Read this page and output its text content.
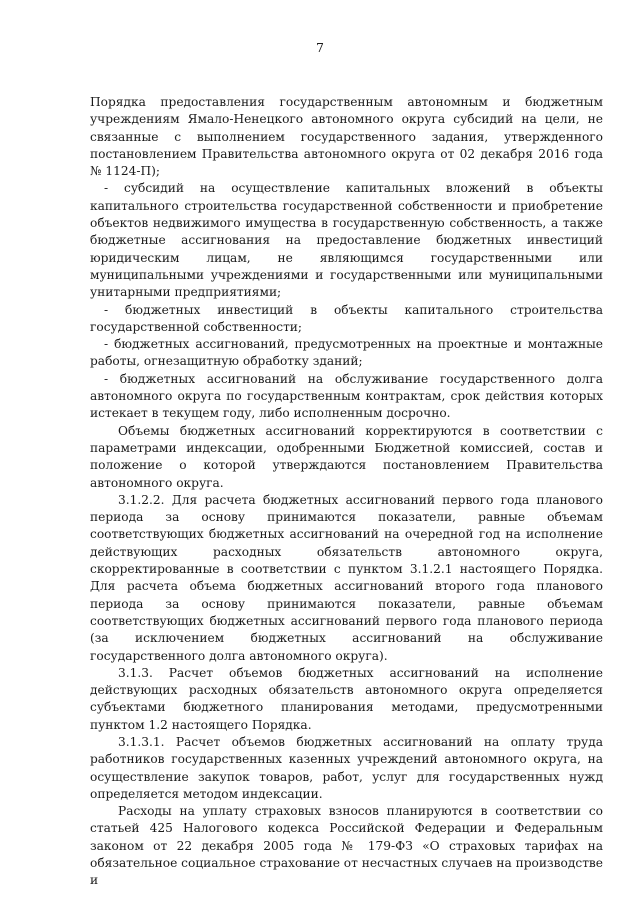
7

Порядка предоставления государственным автономным и бюджетным учреждениям Ямало-Ненецкого автономного округа субсидий на цели, не связанные с выполнением государственного задания, утвержденного постановлением Правительства автономного округа от 02 декабря 2016 года № 1124-П);

- субсидий на осуществление капитальных вложений в объекты капитального строительства государственной собственности и приобретение объектов недвижимого имущества в государственную собственность, а также бюджетные ассигнования на предоставление бюджетных инвестиций юридическим лицам, не являющимся государственными или муниципальными учреждениями и государственными или муниципальными унитарными предприятиями;

- бюджетных инвестиций в объекты капитального строительства государственной собственности;

- бюджетных ассигнований, предусмотренных на проектные и монтажные работы, огнезащитную обработку зданий;

- бюджетных ассигнований на обслуживание государственного долга автономного округа по государственным контрактам, срок действия которых истекает в текущем году, либо исполненным досрочно.

Объемы бюджетных ассигнований корректируются в соответствии с параметрами индексации, одобренными Бюджетной комиссией, состав и положение о которой утверждаются постановлением Правительства автономного округа.

3.1.2.2. Для расчета бюджетных ассигнований первого года планового периода за основу принимаются показатели, равные объемам соответствующих бюджетных ассигнований на очередной год на исполнение действующих расходных обязательств автономного округа, скорректированные в соответствии с пунктом 3.1.2.1 настоящего Порядка. Для расчета объема бюджетных ассигнований второго года планового периода за основу принимаются показатели, равные объемам соответствующих бюджетных ассигнований первого года планового периода (за исключением бюджетных ассигнований на обслуживание государственного долга автономного округа).

3.1.3. Расчет объемов бюджетных ассигнований на исполнение действующих расходных обязательств автономного округа определяется субъектами бюджетного планирования методами, предусмотренными пунктом 1.2 настоящего Порядка.

3.1.3.1. Расчет объемов бюджетных ассигнований на оплату труда работников государственных казенных учреждений автономного округа, на осуществление закупок товаров, работ, услуг для государственных нужд определяется методом индексации.

Расходы на уплату страховых взносов планируются в соответствии со статьей 425 Налогового кодекса Российской Федерации и Федеральным законом от 22 декабря 2005 года № 179-ФЗ «О страховых тарифах на обязательное социальное страхование от несчастных случаев на производстве и
